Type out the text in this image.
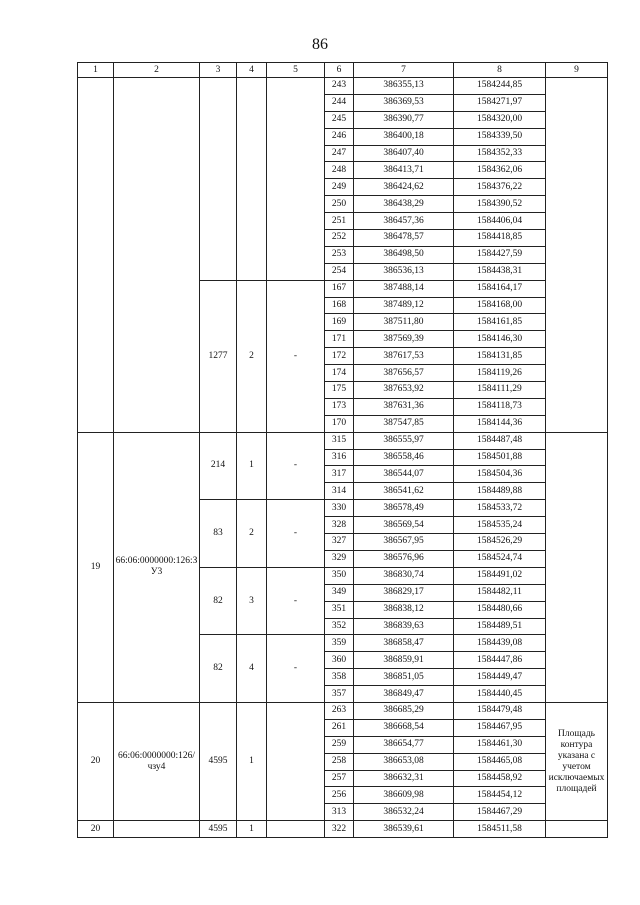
86
1	2	3	4	5	6	7	8	9
					243	386355,13	1584244,85	
					244	386369,53	1584271,97	
					245	386390,77	1584320,00	
					246	386400,18	1584339,50	
					247	386407,40	1584352,33	
					248	386413,71	1584362,06	
					249	386424,62	1584376,22	
					250	386438,29	1584390,52	
					251	386457,36	1584406,04	
					252	386478,57	1584418,85	
					253	386498,50	1584427,59	
					254	386536,13	1584438,31	
		1277	2	-	167	387488,14	1584164,17	
					168	387489,12	1584168,00	
					169	387511,80	1584161,85	
					171	387569,39	1584146,30	
					172	387617,53	1584131,85	
					174	387656,57	1584119,26	
					175	387653,92	1584111,29	
					173	387631,36	1584118,73	
					170	387547,85	1584144,36	
19	66:06:0000000:126:ЗУ3	214	1	-	315	386555,97	1584487,48	
					316	386558,46	1584501,88	
					317	386544,07	1584504,36	
					314	386541,62	1584489,88	
		83	2	-	330	386578,49	1584533,72	
					328	386569,54	1584535,24	
					327	386567,95	1584526,29	
					329	386576,96	1584524,74	
		82	3	-	350	386830,74	1584491,02	
					349	386829,17	1584482,11	
					351	386838,12	1584480,66	
					352	386839,63	1584489,51	
		82	4	-	359	386858,47	1584439,08	
					360	386859,91	1584447,86	
					358	386851,05	1584449,47	
					357	386849,47	1584440,45	
20	66:06:0000000:126/чзу4	4595	1		263	386685,29	1584479,48	Площадь контура указана с учетом исключаемых площадей
					261	386668,54	1584467,95	
					259	386654,77	1584461,30	
					258	386653,08	1584465,08	
					257	386632,31	1584458,92	
					256	386609,98	1584454,12	
					313	386532,24	1584467,29	
20		4595	1		322	386539,61	1584511,58	
